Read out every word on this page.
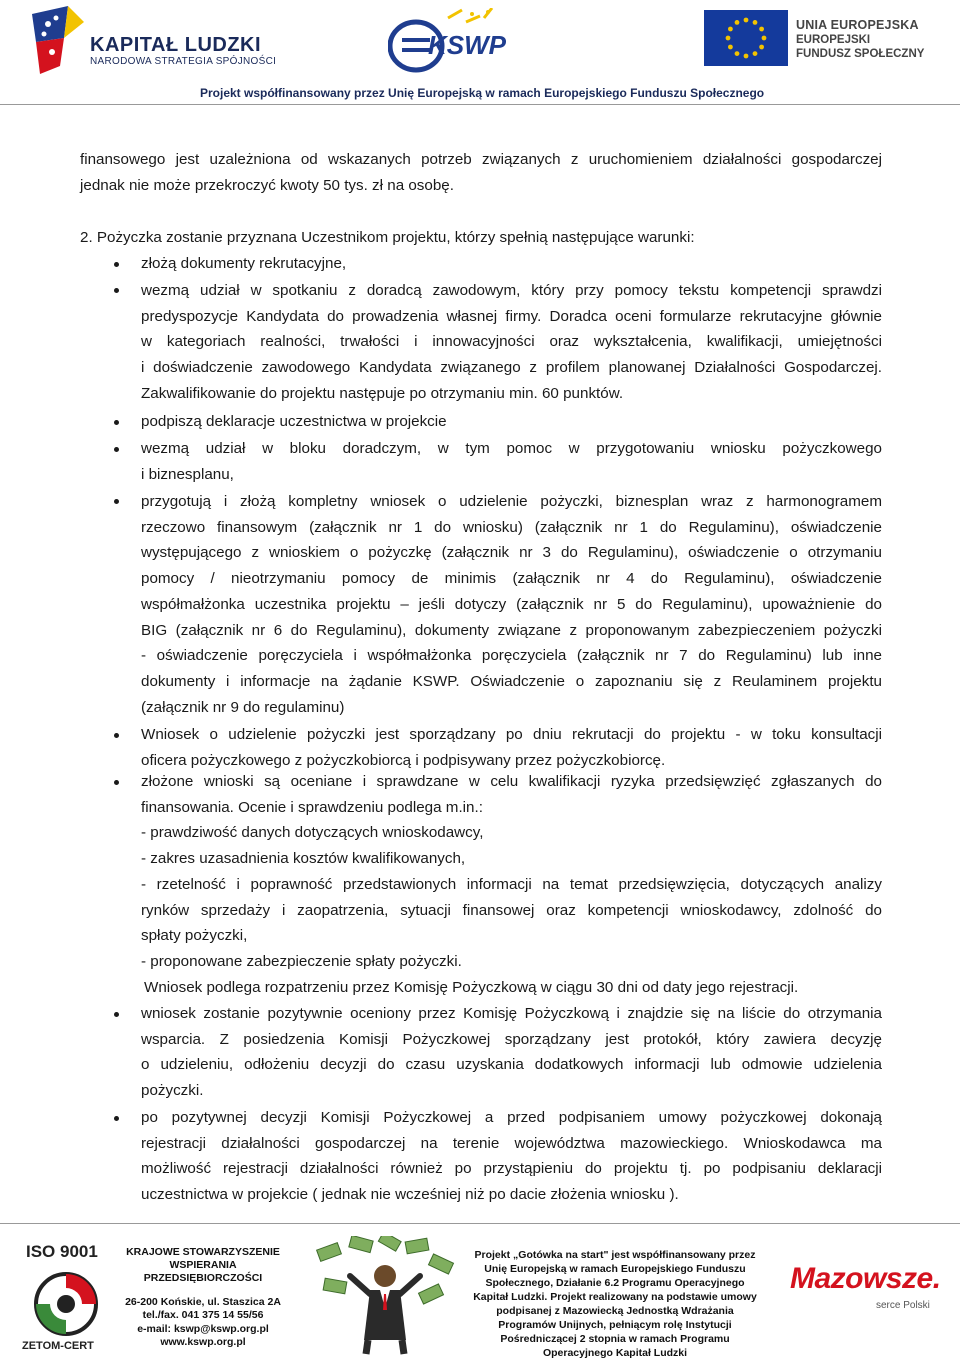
KAPITAŁ LUDZKI
NARODOWA STRATEGIA SPÓJNOŚCI
KSWP
UNIA EUROPEJSKA
EUROPEJSKI
FUNDUSZ SPOŁECZNY
Projekt współfinansowany przez Unię Europejską w ramach Europejskiego Funduszu Społecznego
finansowego jest uzależniona od wskazanych potrzeb związanych z uruchomieniem działalności gospodarczej
jednak nie może przekroczyć kwoty 50 tys. zł na osobę.
2. Pożyczka zostanie przyznana Uczestnikom projektu, którzy spełnią następujące warunki:
złożą dokumenty rekrutacyjne,
wezmą udział w spotkaniu z doradcą zawodowym, który przy pomocy tekstu kompetencji sprawdzi
predyspozycje Kandydata do prowadzenia własnej firmy. Doradca oceni formularze rekrutacyjne głównie
w kategoriach realności, trwałości i innowacyjności oraz wykształcenia, kwalifikacji, umiejętności
i doświadczenie zawodowego Kandydata związanego z profilem planowanej Działalności Gospodarczej.
Zakwalifikowanie do projektu następuje po otrzymaniu min. 60 punktów.
podpiszą deklaracje uczestnictwa w projekcie
wezmą udział w bloku doradczym, w tym pomoc w przygotowaniu wniosku pożyczkowego
i biznesplanu,
przygotują i złożą kompletny wniosek o udzielenie pożyczki, biznesplan wraz z harmonogramem
rzeczowo finansowym (załącznik nr 1 do wniosku) (załącznik nr 1 do Regulaminu), oświadczenie
występującego z wnioskiem o pożyczkę (załącznik nr 3 do Regulaminu), oświadczenie o otrzymaniu
pomocy / nieotrzymaniu pomocy de minimis (załącznik nr 4 do Regulaminu), oświadczenie
współmałżonka uczestnika projektu – jeśli dotyczy (załącznik nr 5 do Regulaminu), upoważnienie do
BIG (załącznik nr 6 do Regulaminu), dokumenty związane z proponowanym zabezpieczeniem pożyczki
- oświadczenie poręczyciela i współmałżonka poręczyciela (załącznik nr 7 do Regulaminu) lub inne
dokumenty i informacje na żądanie KSWP. Oświadczenie o zapoznaniu się z Reulaminem projektu
(załącznik nr 9 do regulaminu)
Wniosek o udzielenie pożyczki jest sporządzany po dniu rekrutacji do projektu - w toku konsultacji
oficera pożyczkowego z pożyczkobiorcą i podpisywany przez pożyczkobiorcę.
złożone wnioski są oceniane i sprawdzane w celu kwalifikacji ryzyka przedsięwzięć zgłaszanych do
finansowania. Ocenie i sprawdzeniu podlega m.in.:
- prawdziwość danych dotyczących wnioskodawcy,
- zakres uzasadnienia kosztów kwalifikowanych,
- rzetelność i poprawność przedstawionych informacji na temat przedsięwzięcia, dotyczących analizy
rynków sprzedaży i zaopatrzenia, sytuacji finansowej oraz kompetencji wnioskodawcy, zdolność do
spłaty pożyczki,
- proponowane zabezpieczenie spłaty pożyczki.
Wniosek podlega rozpatrzeniu przez Komisję Pożyczkową w ciągu 30 dni od daty jego rejestracji.
wniosek zostanie pozytywnie oceniony przez Komisję Pożyczkową i znajdzie się na liście do otrzymania
wsparcia. Z posiedzenia Komisji Pożyczkowej sporządzany jest protokół, który zawiera decyzję
o udzieleniu, odłożeniu decyzji do czasu uzyskania dodatkowych informacji lub odmowie udzielenia
pożyczki.
po pozytywnej decyzji Komisji Pożyczkowej a przed podpisaniem umowy pożyczkowej dokonają
rejestracji działalności gospodarczej na terenie województwa mazowieckiego. Wnioskodawca ma
możliwość rejestracji działalności również po przystąpieniu do projektu tj. po podpisaniu deklaracji
uczestnictwa w projekcie ( jednak nie wcześniej niż po dacie złożenia wniosku ).
ISO 9001
ZETOM-CERT
KRAJOWE STOWARZYSZENIE
WSPIERANIA
PRZEDSIĘBIORCZOŚCI
26-200 Końskie, ul. Staszica 2A
tel./fax. 041 375 14 55/56
e-mail: kswp@kswp.org.pl
www.kswp.org.pl
Projekt „Gotówka na start" jest współfinansowany przez
Unię Europejską w ramach Europejskiego Funduszu
Społecznego, Działanie 6.2 Programu Operacyjnego
Kapitał Ludzki. Projekt realizowany na podstawie umowy
podpisanej z Mazowiecką Jednostką Wdrażania
Programów Unijnych, pełniącym rolę Instytucji
Pośredniczącej 2 stopnia w ramach Programu
Operacyjnego Kapitał Ludzki
Mazowsze.
serce Polski
